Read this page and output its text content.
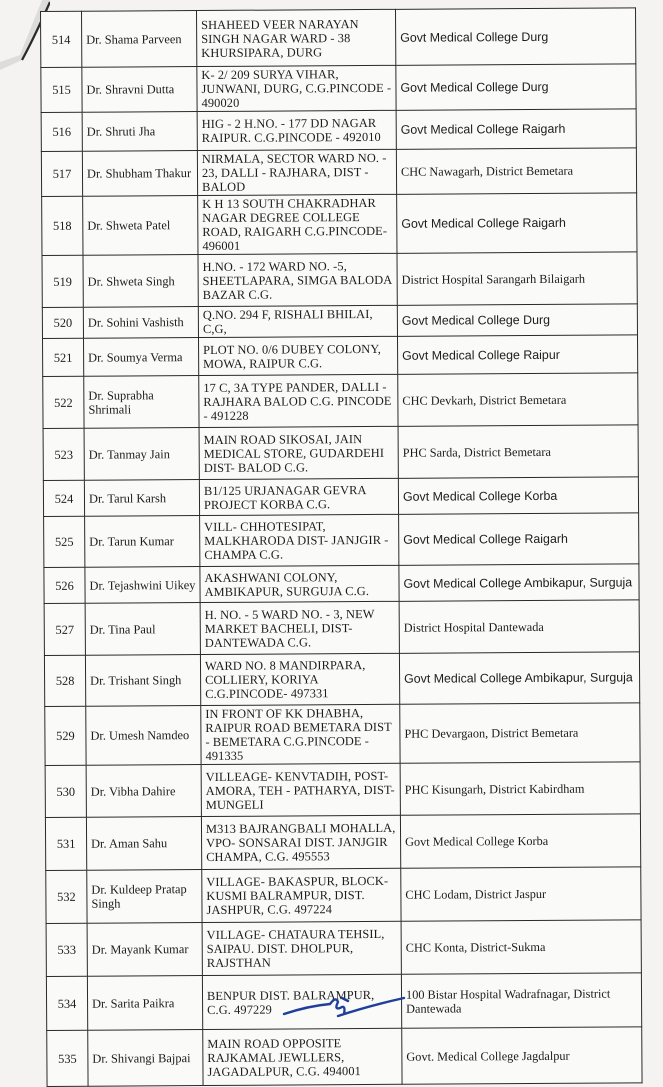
514	Dr. Shama Parveen	SHAHEED VEER NARAYAN SINGH NAGAR WARD - 38 KHURSIPARA, DURG	Govt Medical College Durg
515	Dr. Shravni Dutta	K- 2/ 209 SURYA VIHAR, JUNWANI, DURG, C.G.PINCODE - 490020	Govt Medical College Durg
516	Dr. Shruti Jha	HIG - 2 H.NO. - 177 DD NAGAR RAIPUR. C.G.PINCODE - 492010	Govt Medical College Raigarh
517	Dr. Shubham Thakur	NIRMALA, SECTOR WARD NO. - 23, DALLI - RAJHARA, DIST - BALOD	CHC Nawagarh, District Bemetara
518	Dr. Shweta Patel	K H 13 SOUTH CHAKRADHAR NAGAR DEGREE COLLEGE ROAD, RAIGARH C.G.PINCODE- 496001	Govt Medical College Raigarh
519	Dr. Shweta Singh	H.NO. - 172 WARD NO. -5, SHEETLAPARA, SIMGA BALODA BAZAR C.G.	District Hospital Sarangarh Bilaigarh
520	Dr. Sohini Vashisth	Q.NO. 294 F, RISHALI BHILAI, C,G,	Govt Medical College Durg
521	Dr. Soumya Verma	PLOT NO. 0/6 DUBEY COLONY, MOWA, RAIPUR C.G.	Govt Medical College Raipur
522	Dr. Suprabha Shrimali	17 C, 3A TYPE PANDER, DALLI - RAJHARA BALOD C.G. PINCODE - 491228	CHC Devkarh, District Bemetara
523	Dr. Tanmay Jain	MAIN ROAD SIKOSAI, JAIN MEDICAL STORE, GUDARDEHI DIST- BALOD C.G.	PHC Sarda, District Bemetara
524	Dr. Tarul Karsh	B1/125 URJANAGAR GEVRA PROJECT KORBA C.G.	Govt Medical College Korba
525	Dr. Tarun Kumar	VILL- CHHOTESIPAT, MALKHARODA DIST- JANJGIR - CHAMPA C.G.	Govt Medical College Raigarh
526	Dr. Tejashwini Uikey	AKASHWANI COLONY, AMBIKAPUR, SURGUJA C.G.	Govt Medical College Ambikapur, Surguja
527	Dr. Tina Paul	H. NO. - 5 WARD NO. - 3, NEW MARKET BACHELI, DIST- DANTEWADA C.G.	District Hospital Dantewada
528	Dr. Trishant Singh	WARD NO. 8 MANDIRPARA, COLLIERY, KORIYA C.G.PINCODE- 497331	Govt Medical College Ambikapur, Surguja
529	Dr. Umesh Namdeo	IN FRONT OF KK DHABHA, RAIPUR ROAD BEMETARA DIST - BEMETARA C.G.PINCODE - 491335	PHC Devargaon, District Bemetara
530	Dr. Vibha Dahire	VILLEAGE- KENVTADIH, POST- AMORA, TEH - PATHARYA, DIST- MUNGELI	PHC Kisungarh, District Kabirdham
531	Dr. Aman Sahu	M313 BAJRANGBALI MOHALLA, VPO- SONSARAI DIST. JANJGIR CHAMPA, C.G. 495553	Govt Medical College Korba
532	Dr. Kuldeep Pratap Singh	VILLAGE- BAKASPUR, BLOCK- KUSMI BALRAMPUR, DIST. JASHPUR, C.G. 497224	CHC Lodam, District Jaspur
533	Dr. Mayank Kumar	VILLAGE- CHATAURA TEHSIL, SAIPAU. DIST. DHOLPUR, RAJSTHAN	CHC Konta, District-Sukma
534	Dr. Sarita Paikra	BENPUR DIST. BALRAMPUR, C.G. 497229	100 Bistar Hospital Wadrafnagar, District Dantewada
535	Dr. Shivangi Bajpai	MAIN ROAD OPPOSITE RAJKAMAL JEWLLERS, JAGADALPUR, C.G. 494001	Govt. Medical College Jagdalpur
